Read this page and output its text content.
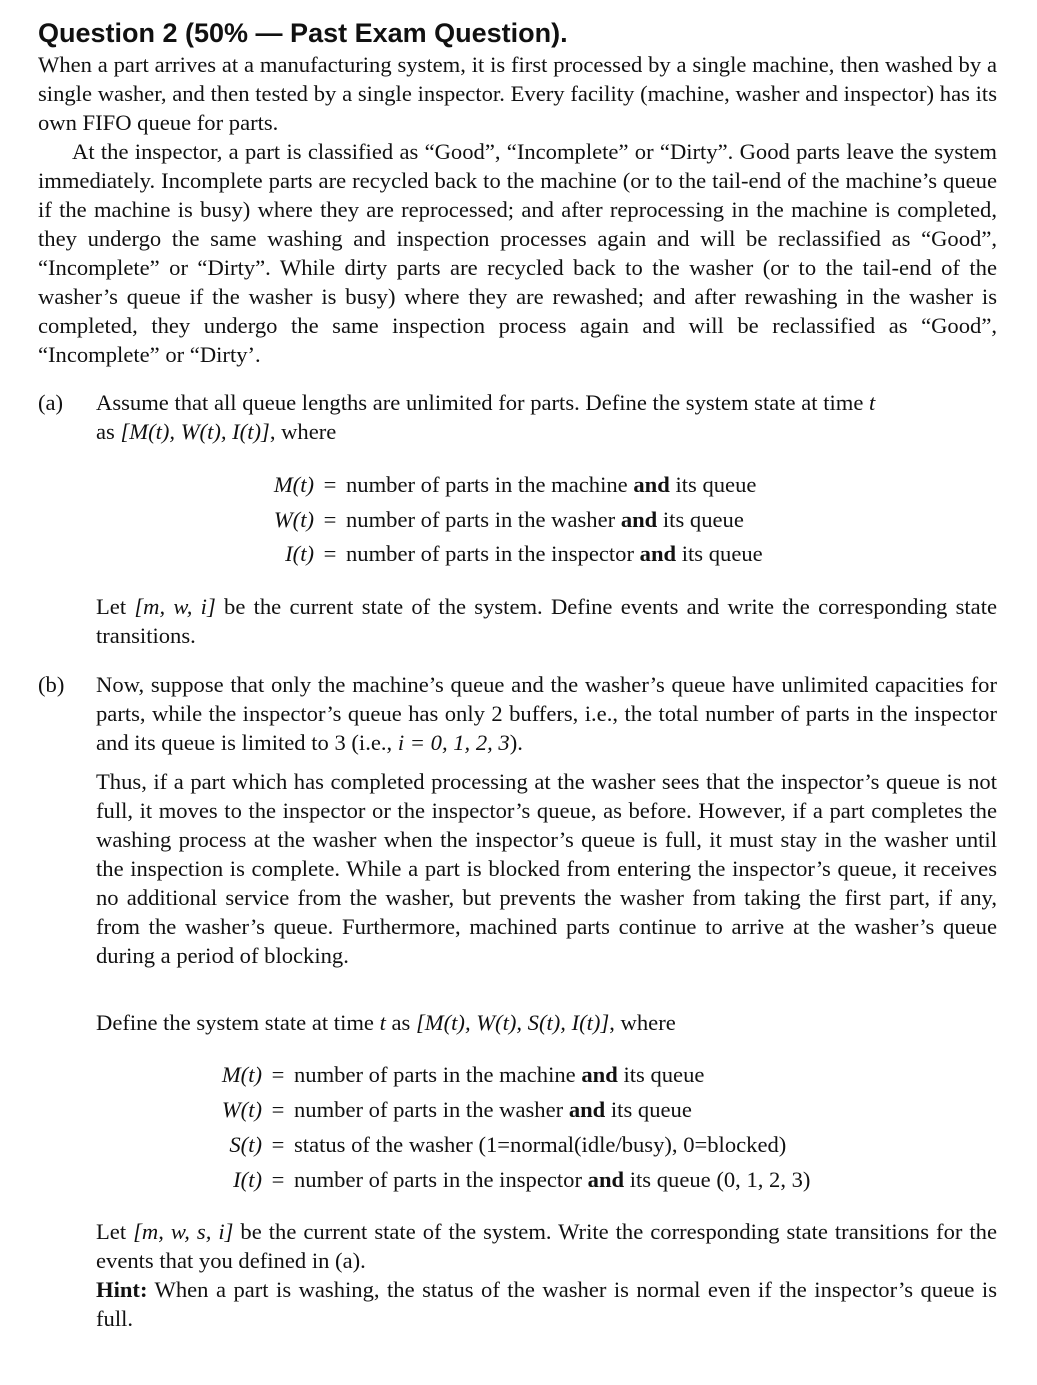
Question 2 (50% — Past Exam Question).

When a part arrives at a manufacturing system, it is first processed by a single machine, then washed by a single washer, and then tested by a single inspector. Every facility (machine, washer and inspector) has its own FIFO queue for parts.

At the inspector, a part is classified as “Good”, “Incomplete” or “Dirty”. Good parts leave the system immediately. Incomplete parts are recycled back to the machine (or to the tail-end of the machine’s queue if the machine is busy) where they are reprocessed; and after reprocessing in the machine is completed, they undergo the same washing and inspection processes again and will be reclassified as “Good”, “Incomplete” or “Dirty”. While dirty parts are recycled back to the washer (or to the tail-end of the washer’s queue if the washer is busy) where they are rewashed; and after rewashing in the washer is completed, they undergo the same inspection process again and will be reclassified as “Good”, “Incomplete” or “Dirty’.

(a) Assume that all queue lengths are unlimited for parts. Define the system state at time t
as [M(t), W(t), I(t)], where

M(t) = number of parts in the machine and its queue

W(t) = number of parts in the washer and its queue

I(t) = number of parts in the inspector and its queue

Let [m, w, i] be the current state of the system. Define events and write the corresponding state transitions.

(b) Now, suppose that only the machine’s queue and the washer’s queue have unlimited capacities for parts, while the inspector’s queue has only 2 buffers, i.e., the total number of parts in the inspector and its queue is limited to 3 (i.e., i = 0, 1, 2, 3).

Thus, if a part which has completed processing at the washer sees that the inspector’s queue is not full, it moves to the inspector or the inspector’s queue, as before. However, if a part completes the washing process at the washer when the inspector’s queue is full, it must stay in the washer until the inspection is complete. While a part is blocked from entering the inspector’s queue, it receives no additional service from the washer, but prevents the washer from taking the first part, if any, from the washer’s queue. Furthermore, machined parts continue to arrive at the washer’s queue during a period of blocking.

Define the system state at time t as [M(t), W(t), S(t), I(t)], where

M(t) = number of parts in the machine and its queue

W(t) = number of parts in the washer and its queue

S(t) = status of the washer (1=normal(idle/busy), 0=blocked)

I(t) = number of parts in the inspector and its queue (0, 1, 2, 3)

Let [m, w, s, i] be the current state of the system. Write the corresponding state transitions for the events that you defined in (a).
Hint: When a part is washing, the status of the washer is normal even if the inspector’s queue is full.
